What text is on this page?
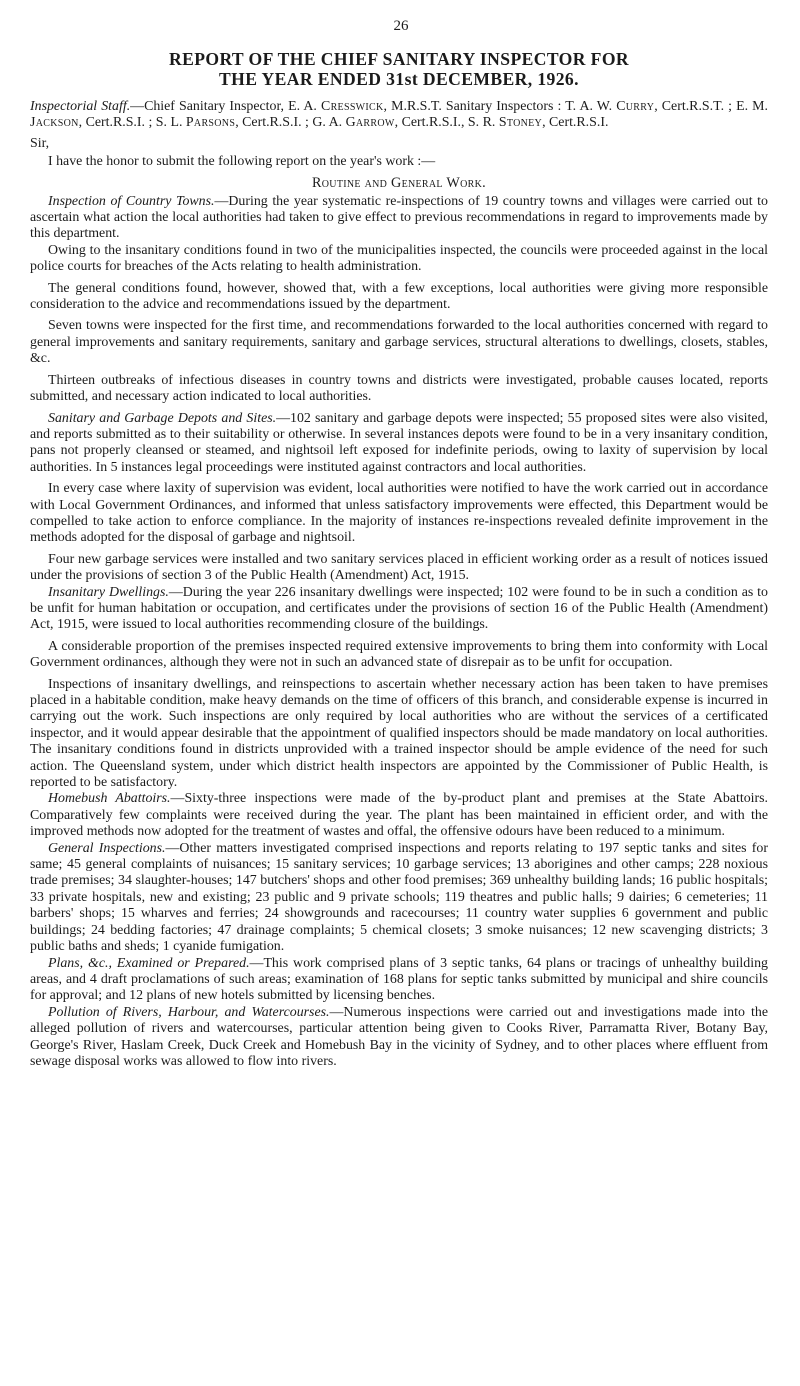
26
REPORT OF THE CHIEF SANITARY INSPECTOR FOR
THE YEAR ENDED 31st DECEMBER, 1926.

Inspectorial Staff.—Chief Sanitary Inspector, E. A. Cresswick, M.R.S.T. Sanitary Inspectors : T. A. W. Curry, Cert.R.S.T. ; E. M. Jackson, Cert.R.S.I. ; S. L. Parsons, Cert.R.S.I. ; G. A. Garrow, Cert.R.S.I., S. R. Stoney, Cert.R.S.I.

Sir,

I have the honor to submit the following report on the year's work :—

Routine and General Work.

Inspection of Country Towns.—During the year systematic re-inspections of 19 country towns and villages were carried out to ascertain what action the local authorities had taken to give effect to previous recommendations in regard to improvements made by this department.

Owing to the insanitary conditions found in two of the municipalities inspected, the councils were proceeded against in the local police courts for breaches of the Acts relating to health administration.

The general conditions found, however, showed that, with a few exceptions, local authorities were giving more responsible consideration to the advice and recommendations issued by the department.

Seven towns were inspected for the first time, and recommendations forwarded to the local authorities concerned with regard to general improvements and sanitary requirements, sanitary and garbage services, structural alterations to dwellings, closets, stables, &c.

Thirteen outbreaks of infectious diseases in country towns and districts were investigated, probable causes located, reports submitted, and necessary action indicated to local authorities.

Sanitary and Garbage Depots and Sites.—102 sanitary and garbage depots were inspected; 55 proposed sites were also visited, and reports submitted as to their suitability or otherwise. In several instances depots were found to be in a very insanitary condition, pans not properly cleansed or steamed, and nightsoil left exposed for indefinite periods, owing to laxity of supervision by local authorities. In 5 instances legal proceedings were instituted against contractors and local authorities.

In every case where laxity of supervision was evident, local authorities were notified to have the work carried out in accordance with Local Government Ordinances, and informed that unless satisfactory improvements were effected, this Department would be compelled to take action to enforce compliance. In the majority of instances re-inspections revealed definite improvement in the methods adopted for the disposal of garbage and nightsoil.

Four new garbage services were installed and two sanitary services placed in efficient working order as a result of notices issued under the provisions of section 3 of the Public Health (Amendment) Act, 1915.

Insanitary Dwellings.—During the year 226 insanitary dwellings were inspected; 102 were found to be in such a condition as to be unfit for human habitation or occupation, and certificates under the provisions of section 16 of the Public Health (Amendment) Act, 1915, were issued to local authorities recommending closure of the buildings.

A considerable proportion of the premises inspected required extensive improvements to bring them into conformity with Local Government ordinances, although they were not in such an advanced state of disrepair as to be unfit for occupation.

Inspections of insanitary dwellings, and reinspections to ascertain whether necessary action has been taken to have premises placed in a habitable condition, make heavy demands on the time of officers of this branch, and considerable expense is incurred in carrying out the work. Such inspections are only required by local authorities who are without the services of a certificated inspector, and it would appear desirable that the appointment of qualified inspectors should be made mandatory on local authorities. The insanitary conditions found in districts unprovided with a trained inspector should be ample evidence of the need for such action. The Queensland system, under which district health inspectors are appointed by the Commissioner of Public Health, is reported to be satisfactory.

Homebush Abattoirs.—Sixty-three inspections were made of the by-product plant and premises at the State Abattoirs. Comparatively few complaints were received during the year. The plant has been maintained in efficient order, and with the improved methods now adopted for the treatment of wastes and offal, the offensive odours have been reduced to a minimum.

General Inspections.—Other matters investigated comprised inspections and reports relating to 197 septic tanks and sites for same; 45 general complaints of nuisances; 15 sanitary services; 10 garbage services; 13 aborigines and other camps; 228 noxious trade premises; 34 slaughter-houses; 147 butchers' shops and other food premises; 369 unhealthy building lands; 16 public hospitals; 33 private hospitals, new and existing; 23 public and 9 private schools; 119 theatres and public halls; 9 dairies; 6 cemeteries; 11 barbers' shops; 15 wharves and ferries; 24 showgrounds and racecourses; 11 country water supplies 6 government and public buildings; 24 bedding factories; 47 drainage complaints; 5 chemical closets; 3 smoke nuisances; 12 new scavenging districts; 3 public baths and sheds; 1 cyanide fumigation.

Plans, &c., Examined or Prepared.—This work comprised plans of 3 septic tanks, 64 plans or tracings of unhealthy building areas, and 4 draft proclamations of such areas; examination of 168 plans for septic tanks submitted by municipal and shire councils for approval; and 12 plans of new hotels submitted by licensing benches.

Pollution of Rivers, Harbour, and Watercourses.—Numerous inspections were carried out and investigations made into the alleged pollution of rivers and watercourses, particular attention being given to Cooks River, Parramatta River, Botany Bay, George's River, Haslam Creek, Duck Creek and Homebush Bay in the vicinity of Sydney, and to other places where effluent from sewage disposal works was allowed to flow into rivers.
